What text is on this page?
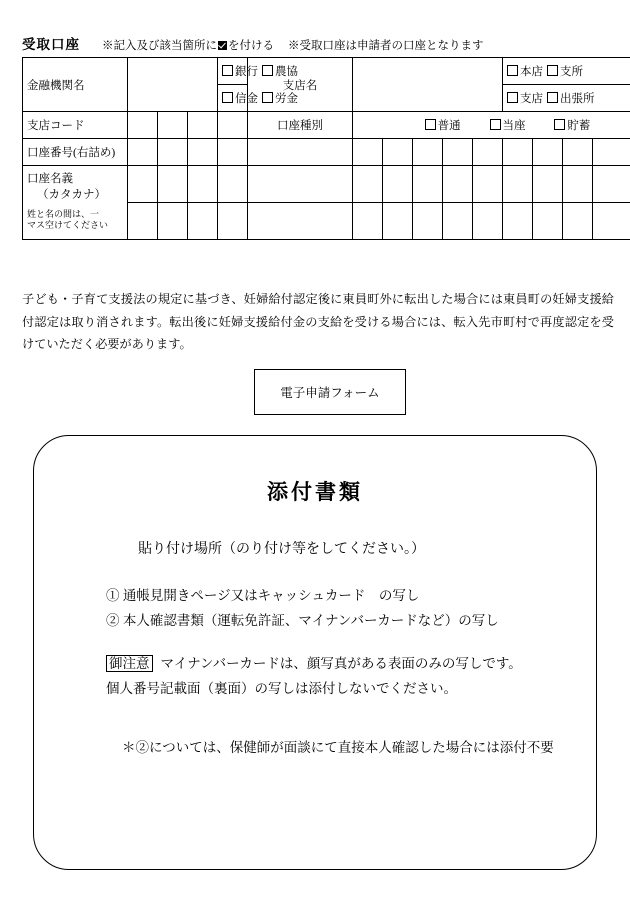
受取口座 ※記入及び該当箇所に を付ける ※受取口座は申請者の口座となります
金融機関名				銀行 農協	支店名						本店 支所			
				信金 労金							支店 出張所			
支店コード					口座種別	普通 当座 貯蓄								
口座番号(右詰め)														
口座名義
（カタカナ）
姓と名の間は、一
マス空けてください														

子ども・子育て支援法の規定に基づき、妊婦給付認定後に東員町外に転出した場合には東員町の妊婦支援給付認定は取り消されます。転出後に妊婦支援給付金の支給を受ける場合には、転入先市町村で再度認定を受けていただく必要があります。
電子申請フォーム
添付書類
貼り付け場所（のり付け等をしてください。）
① 通帳見開きページ又はキャッシュカード　の写し
② 本人確認書類（運転免許証、マイナンバーカードなど）の写し
御注意 マイナンバーカードは、顔写真がある表面のみの写しです。
個人番号記載面（裏面）の写しは添付しないでください。
＊②については、保健師が面談にて直接本人確認した場合には添付不要
